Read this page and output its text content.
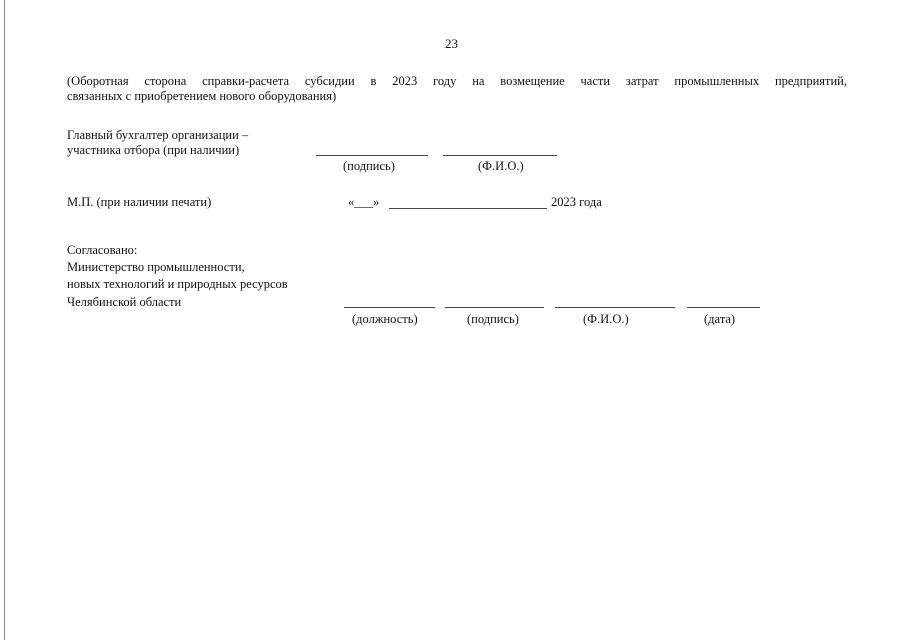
23
(Оборотная сторона справки-расчета субсидии в 2023 году на возмещение части затрат промышленных предприятий,
связанных с приобретением нового оборудования)
Главный бухгалтер организации –
участника отбора (при наличии)
(подпись)	(Ф.И.О.)
М.П. (при наличии печати)	«___»	2023 года
Согласовано:
Министерство промышленности,
новых технологий и природных ресурсов
Челябинской области
(должность)	(подпись)	(Ф.И.О.)	(дата)
